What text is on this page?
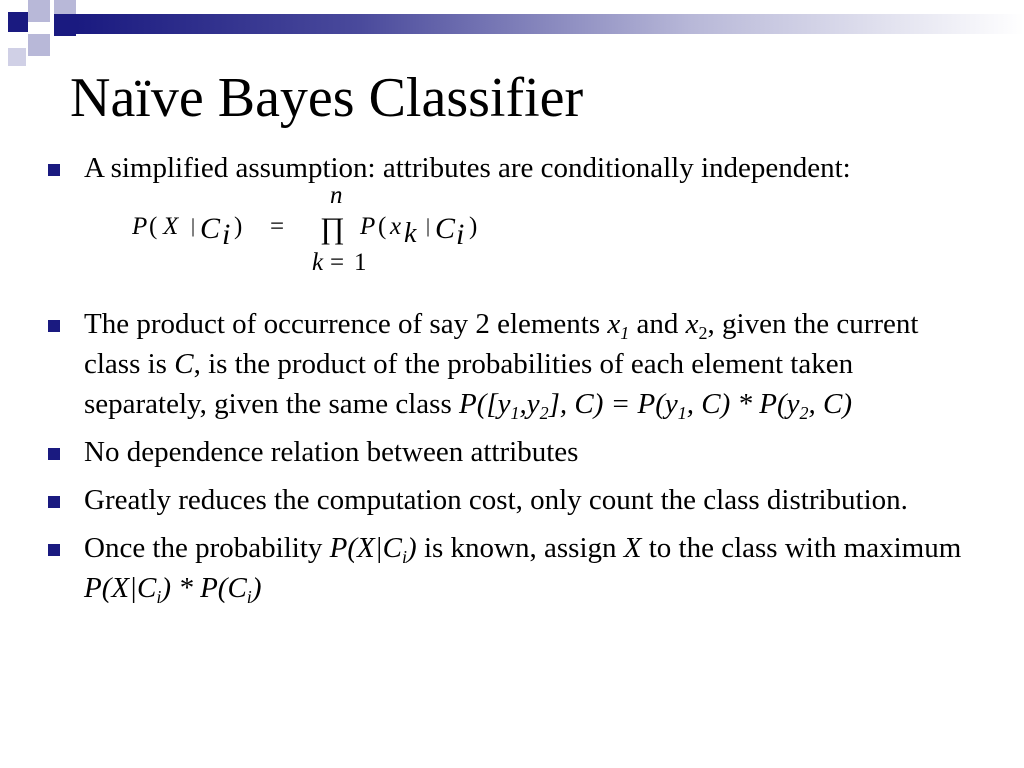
Naïve Bayes Classifier
A simplified assumption: attributes are conditionally independent:
P ( X | C i ) =
n
∏
k = 1
P ( x k | C i )
The product of occurrence of say 2 elements $x_1$ and $x_2$, given the current class is C, is the product of the probabilities of each element taken separately, given the same class $P([y_1,y_2]$, $C) = P(y_1$, $C) * P(y_2$, C)
No dependence relation between attributes
Greatly reduces the computation cost, only count the class distribution.
Once the probability $P(X|C_i)$ is known, assign X to the class with maximum $P(X|C_i) * P(C_i)$
